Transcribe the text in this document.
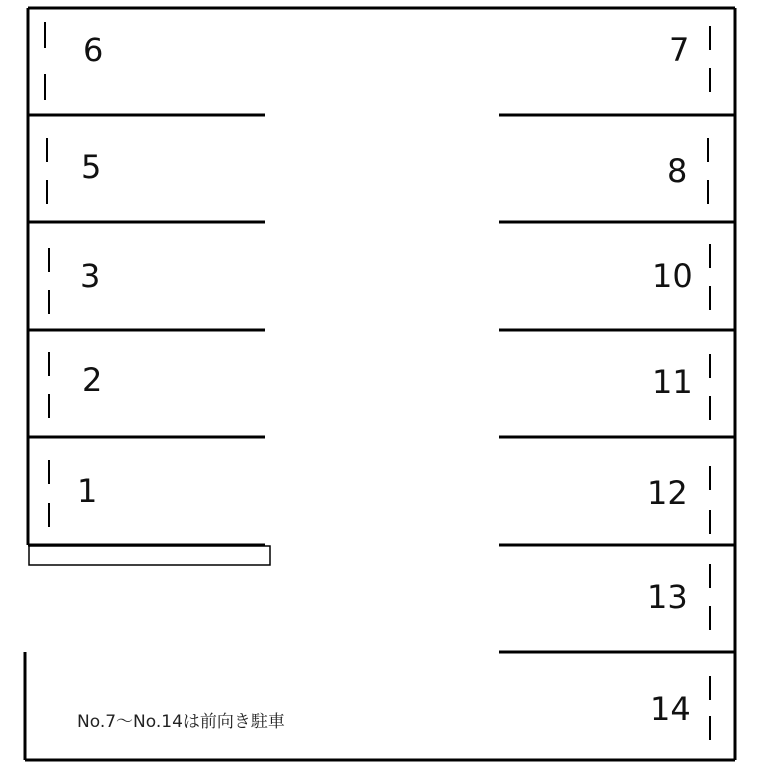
6
5
3
2
1
7
8
10
11
12
13
14
No.7～No.14は前向き駐車
